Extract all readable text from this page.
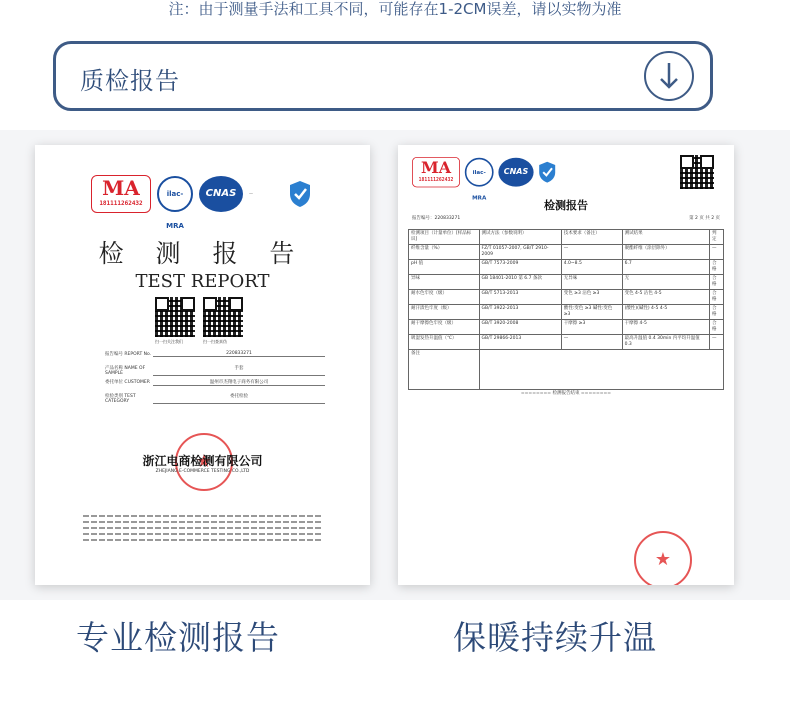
注：由于测量手法和工具不同，可能存在1-2CM误差，请以实物为准
质检报告
MA
181111262432
ilac-MRA
CNAS	—
检 测 报 告
TEST REPORT
扫一扫关注我们	扫一扫查真伪
报告编号 REPORT No.	220833271
产品名称 NAME OF SAMPLE
手套
委托单位 CUSTOMER	温州市杰翔电子商务有限公司
检验类别 TEST CATEGORY
委托检验
★
浙江电商检测有限公司
ZHEJIANG E-COMMERCE TESTING CO.,LTD
MA
181111262432
ilac-MRA
CNAS
检测报告
报告编号：220833271	第 2 页 共 2 页
检测项目（计量单位）[样品标识]	测试方法（参数说明）	技术要求（备注）	测试结果	判定
纤维含量（%）	FZ/T 01057-2007, GB/T 2910-2009	—	聚酯纤维（涂层除外）	—
pH 值	GB/T 7573-2009	4.0~8.5	6.7	合格
异味	GB 18401-2010 第 6.7 条款	无异味	无	合格
耐水色牢度（级）	GB/T 5713-2013	变色 ≥3 沾色 ≥3	变色 4-5 沾色 4-5	合格
耐汗渍色牢度（级）	GB/T 3922-2013	酸性:变色 ≥3 碱性:变色 ≥3	(酸性)(碱性) 4-5 4-5	合格
耐干摩擦色牢度（级）	GB/T 3920-2008	干摩擦 ≥3	干摩擦 4-5	合格
吸湿发热升温值（℃）	GB/T 29866-2013	—	最高升温值 0.4 30min 内平均升温值 0.3	—
备注				
======== 检测报告结束 ========				
★
专业检测报告	保暖持续升温
